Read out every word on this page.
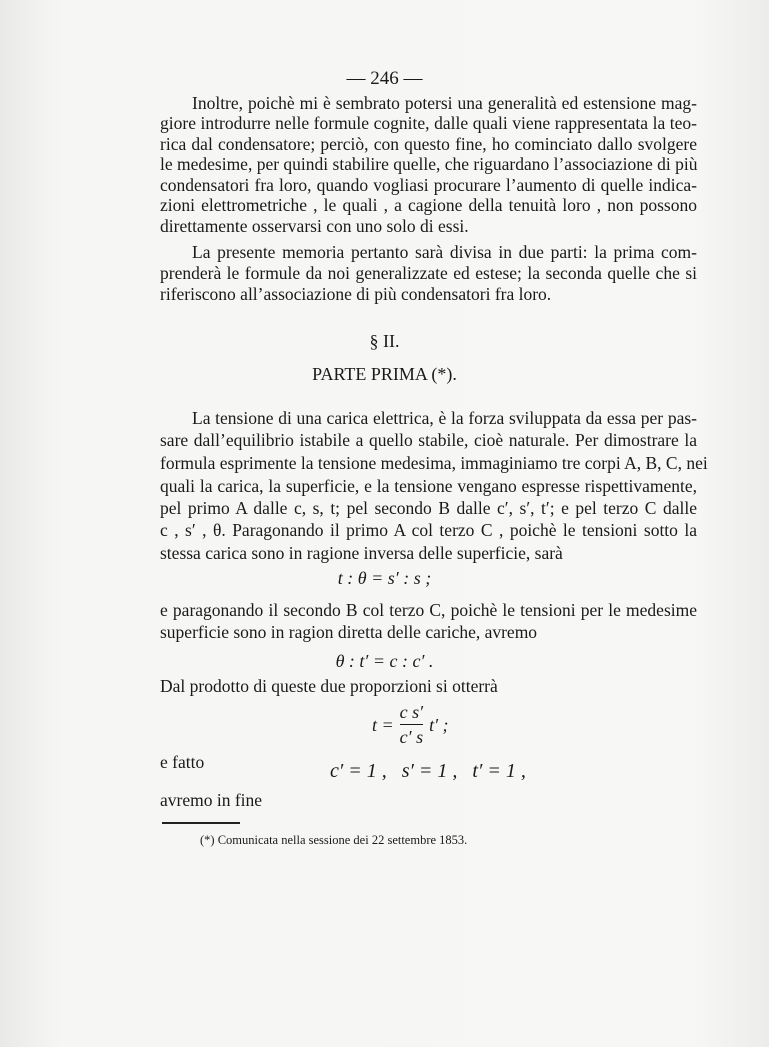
— 246 —
Inoltre, poichè mi è sembrato potersi una generalità ed estensione mag-
giore introdurre nelle formule cognite, dalle quali viene rappresentata la teo-
rica dal condensatore; perciò, con questo fine, ho cominciato dallo svolgere
le medesime, per quindi stabilire quelle, che riguardano l’associazione di più
condensatori fra loro, quando vogliasi procurare l’aumento di quelle indica-
zioni elettrometriche , le quali , a cagione della tenuità loro , non possono
direttamente osservarsi con uno solo di essi.
La presente memoria pertanto sarà divisa in due parti: la prima com-
prenderà le formule da noi generalizzate ed estese; la seconda quelle che si
riferiscono all’associazione di più condensatori fra loro.
§ II.
PARTE PRIMA (*).
La tensione di una carica elettrica, è la forza sviluppata da essa per pas-
sare dall’equilibrio istabile a quello stabile, cioè naturale. Per dimostrare la
formula esprimente la tensione medesima, immaginiamo tre corpi A, B, C, nei
quali la carica, la superficie, e la tensione vengano espresse rispettivamente,
pel primo A dalle c, s, t; pel secondo B dalle c′, s′, t′; e pel terzo C dalle
c , s′ , θ. Paragonando il primo A col terzo C , poichè le tensioni sotto la
stessa carica sono in ragione inversa delle superficie, sarà
t : θ = s′ : s ;
e paragonando il secondo B col terzo C, poichè le tensioni per le medesime
superficie sono in ragion diretta delle cariche, avremo
θ : t′ = c : c′ .
Dal prodotto di queste due proporzioni si otterrà
$t = \frac{\text{c s′}}{c' s} t'$ ;
e fatto	c′ = 1 ,   s′ = 1 ,   t′ = 1 ,
avremo in fine
(*) Comunicata nella sessione dei 22 settembre 1853.
